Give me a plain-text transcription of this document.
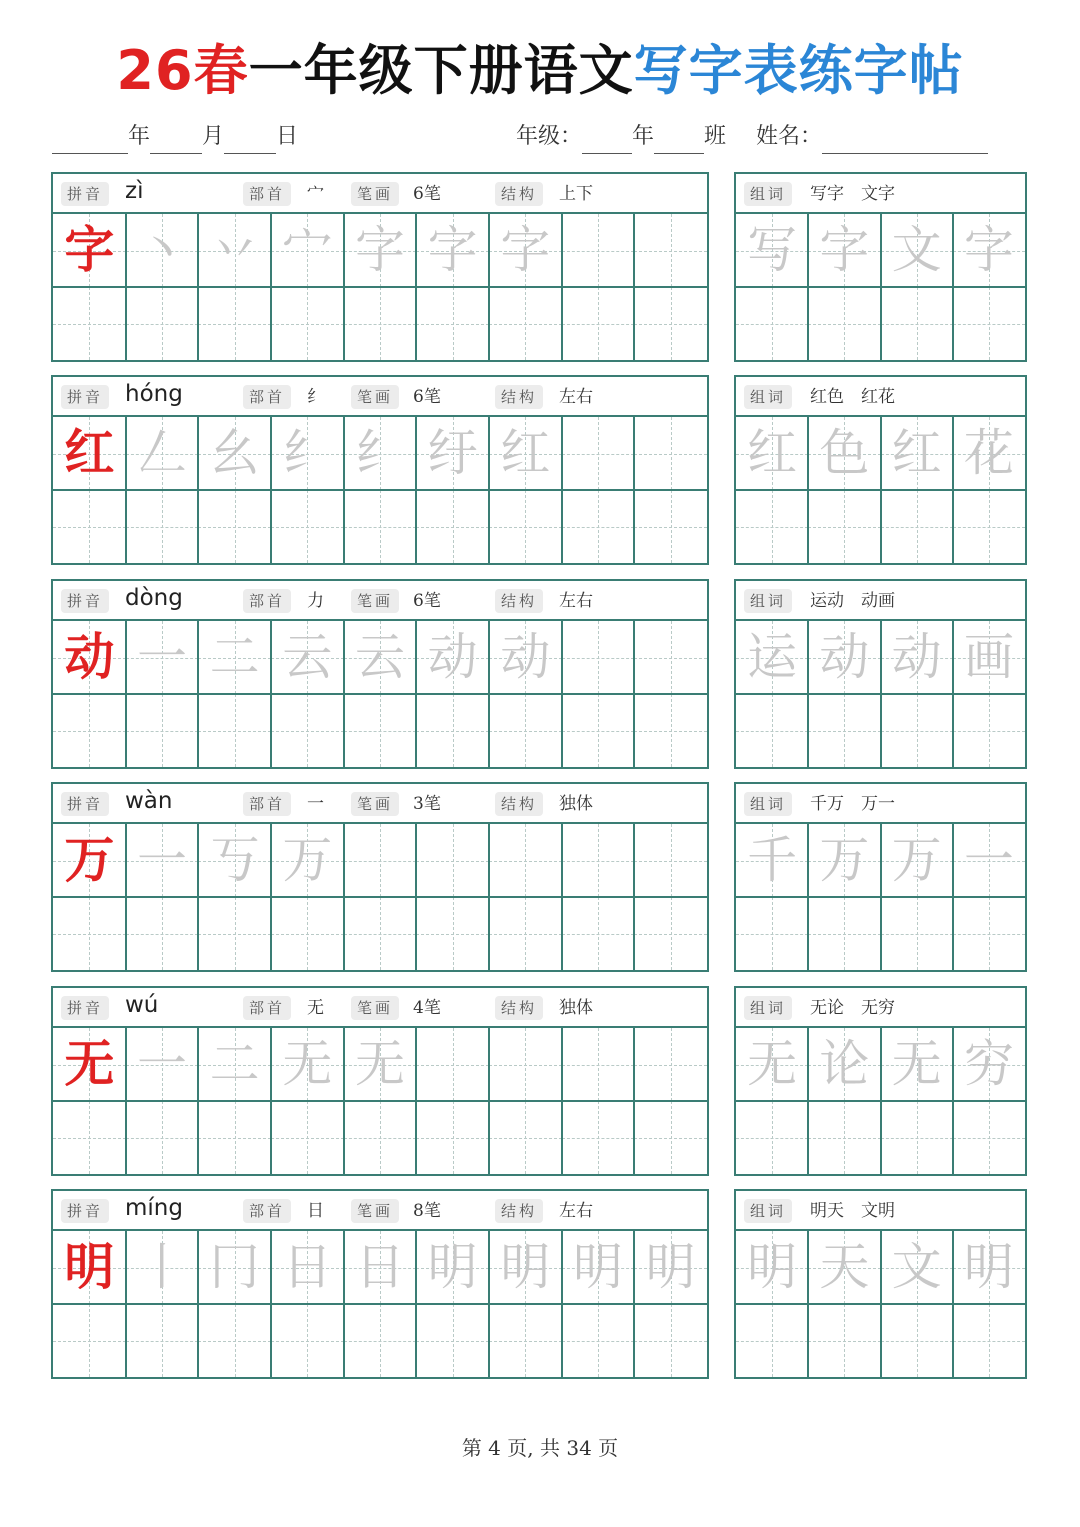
26春一年级下册语文写字表练字帖
年 月 日	年级： 年 班 姓名：
拼音 zì	部首	宀	笔画	6笔	结构	上下
字 丶 丷 宀 字 字 字
组词	写字　文字
写 字 文 字
拼音 hóng	部首	纟	笔画	6笔	结构	左右
红 𠃋 幺 纟 纟 纡 红
组词	红色　红花
红 色 红 花
拼音 dòng	部首	力	笔画	6笔	结构	左右
动 一 二 云 云 动 动
组词	运动　动画
运 动 动 画
拼音 wàn	部首	一	笔画	3笔	结构	独体
万 一 丂 万
组词	千万　万一
千 万 万 一
拼音 wú	部首	无	笔画	4笔	结构	独体
无 一 二 无 无
组词	无论　无穷
无 论 无 穷
拼音 míng	部首	日	笔画	8笔	结构	左右
明 丨 冂 日 日 明 明 明 明
组词	明天　文明
明 天 文 明
第 4 页, 共 34 页
